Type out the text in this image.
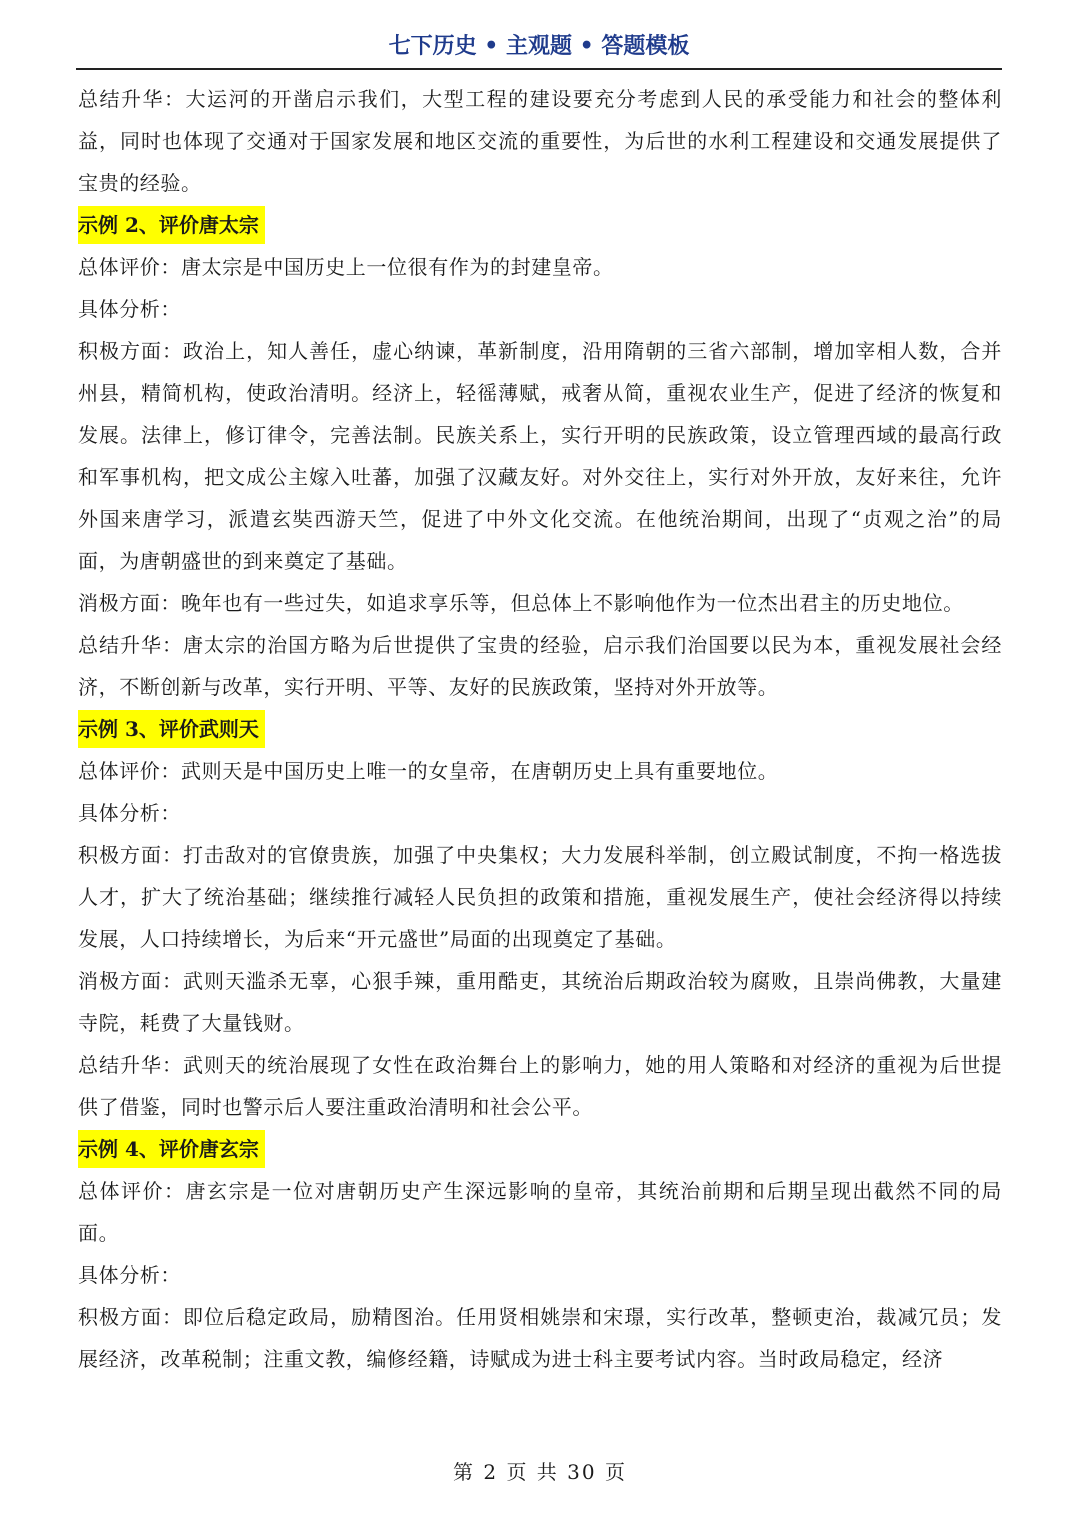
七下历史 • 主观题 • 答题模板

总结升华：大运河的开凿启示我们，大型工程的建设要充分考虑到人民的承受能力和社会的整体利益，同时也体现了交通对于国家发展和地区交流的重要性，为后世的水利工程建设和交通发展提供了宝贵的经验。

示例 2、评价唐太宗

总体评价：唐太宗是中国历史上一位很有作为的封建皇帝。

具体分析：

积极方面：政治上，知人善任，虚心纳谏，革新制度，沿用隋朝的三省六部制，增加宰相人数，合并州县，精简机构，使政治清明。经济上，轻徭薄赋，戒奢从简，重视农业生产，促进了经济的恢复和发展。法律上，修订律令，完善法制。民族关系上，实行开明的民族政策，设立管理西域的最高行政和军事机构，把文成公主嫁入吐蕃，加强了汉藏友好。对外交往上，实行对外开放，友好来往，允许外国来唐学习，派遣玄奘西游天竺，促进了中外文化交流。在他统治期间，出现了“贞观之治”的局面，为唐朝盛世的到来奠定了基础。

消极方面：晚年也有一些过失，如追求享乐等，但总体上不影响他作为一位杰出君主的历史地位。

总结升华：唐太宗的治国方略为后世提供了宝贵的经验，启示我们治国要以民为本，重视发展社会经济，不断创新与改革，实行开明、平等、友好的民族政策，坚持对外开放等。

示例 3、评价武则天

总体评价：武则天是中国历史上唯一的女皇帝，在唐朝历史上具有重要地位。

具体分析：

积极方面：打击敌对的官僚贵族，加强了中央集权；大力发展科举制，创立殿试制度，不拘一格选拔人才，扩大了统治基础；继续推行减轻人民负担的政策和措施，重视发展生产，使社会经济得以持续发展，人口持续增长，为后来“开元盛世”局面的出现奠定了基础。

消极方面：武则天滥杀无辜，心狠手辣，重用酷吏，其统治后期政治较为腐败，且崇尚佛教，大量建寺院，耗费了大量钱财。

总结升华：武则天的统治展现了女性在政治舞台上的影响力，她的用人策略和对经济的重视为后世提供了借鉴，同时也警示后人要注重政治清明和社会公平。

示例 4、评价唐玄宗

总体评价：唐玄宗是一位对唐朝历史产生深远影响的皇帝，其统治前期和后期呈现出截然不同的局面。

具体分析：

积极方面：即位后稳定政局，励精图治。任用贤相姚崇和宋璟，实行改革，整顿吏治，裁减冗员；发展经济，改革税制；注重文教，编修经籍，诗赋成为进士科主要考试内容。当时政局稳定，经济

第 2 页 共 30 页
